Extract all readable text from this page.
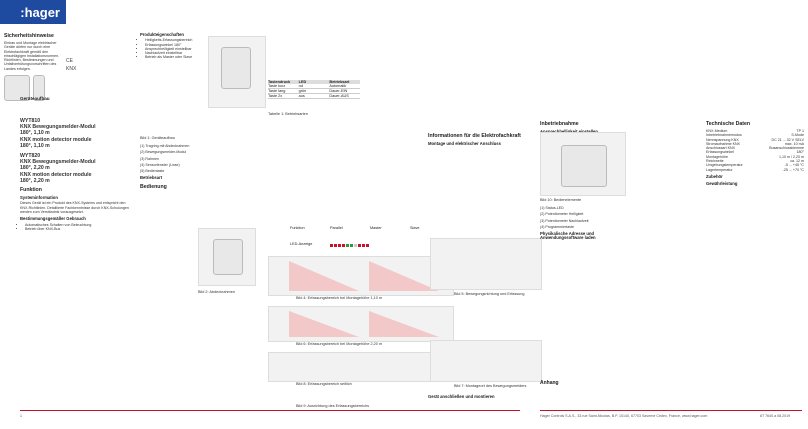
:hager
Sicherheitshinweise

Einbau und Montage elektrischer Geräte dürfen nur durch eine Elektrofachkraft gemäß den einschlägigen Installationsnormen, Richtlinien, Bestimmungen und Unfallverhütungsvorschriften des Landes erfolgen.

CE
KNX
WYT810
KNX Bewegungsmelder-Modul
180°, 1,10 m
KNX motion detector module
180°, 1,10 m
WYT820
KNX Bewegungsmelder-Modul
180°, 2,20 m
KNX motion detector module
180°, 2,20 m
Funktion
Systeminformation

Dieses Gerät ist ein Produkt des KNX-Systems und entspricht den KNX-Richtlinien. Detaillierte Fachkenntnisse durch KNX-Schulungen werden zum Verständnis vorausgesetzt.

Bestimmungsgemäßer Gebrauch
• Automatisches Schalten von Beleuchtung
• Betrieb über KNX-Bus
Geräteaufbau
Produkteigenschaften
• Helligkeits-Erfassungsbereich
• Erfassungswinkel 180°
• Ansprechhelligkeit einstellbar
• Nachlaufzeit einstellbar
• Betrieb als Master oder Slave
Bild 1: Geräteaufbau

(1) Tragring mit Abdeckrahmen

(2) Bewegungsmelder-Modul

(3) Rahmen

(4) Sensorfenster (Linse)

(5) Bedientaste

Betriebsart
Bedienung
Bild 2: Abdeckrahmen
Tastendruck	LED	Betriebsart
Taste kurz	rot	Automatik
Taste lang	grün	Dauer-EIN
Taste 2x	aus	Dauer-AUS
Tabelle 1: Betriebsarten
Funktion	Parallel	Master	Slave
LED-Anzeige
Bild 4: Erfassungsbereich bei Montagehöhe 1,10 m
Bild 6: Erfassungsbereich bei Montagehöhe 2,20 m
Bild 8: Erfassungsbereich seitlich
Bild 9: Ausrichtung des Erfassungsbereichs
Bild 5: Bewegungsrichtung und Erfassung
Bild 7: Montageort des Bewegungsmelders
Informationen für die Elektrofachkraft
Montage und elektrischer Anschluss
Gerät anschließen und montieren
Inbetriebnahme
Bild 10: Bedienelemente

(1) Status-LED

(2) Potentiometer Helligkeit

(3) Potentiometer Nachlaufzeit

(4) Programmiertaste

Physikalische Adresse und Anwendungssoftware laden
Anhang
Technische Daten
KNX-Medium	TP 1
Inbetriebnahmemodus	S-Mode
Nennspannung KNX	DC 21 ... 32 V SELV
Stromaufnahme KNX	max. 10 mA
Anschlussart KNX	Busanschlussklemme
Erfassungswinkel	180°
Montagehöhe	1,10 m / 2,20 m
Reichweite	ca. 12 m
Umgebungstemperatur	-5 ... +45 °C
Lagertemperatur	-25 ... +70 °C
Zubehör
Gewährleistung
1	Hager Controls S.A.S., 33 rue Saint-Nicolas, B.P. 10140, 67703 Saverne Cedex, France, www.hager.com	6T 7640.a 08.2019
